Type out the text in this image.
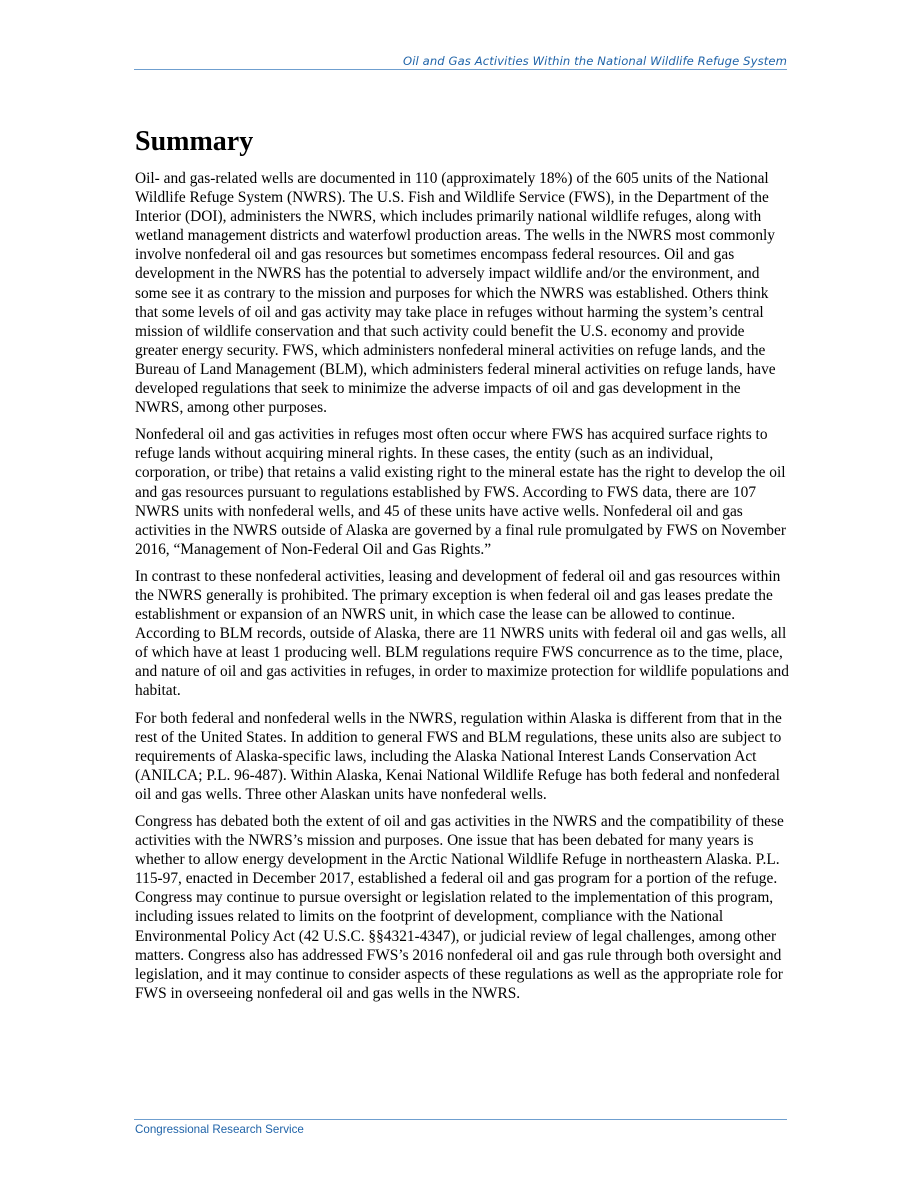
Oil and Gas Activities Within the National Wildlife Refuge System
Summary

Oil- and gas-related wells are documented in 110 (approximately 18%) of the 605 units of the National Wildlife Refuge System (NWRS). The U.S. Fish and Wildlife Service (FWS), in the Department of the Interior (DOI), administers the NWRS, which includes primarily national wildlife refuges, along with wetland management districts and waterfowl production areas. The wells in the NWRS most commonly involve nonfederal oil and gas resources but sometimes encompass federal resources. Oil and gas development in the NWRS has the potential to adversely impact wildlife and/or the environment, and some see it as contrary to the mission and purposes for which the NWRS was established. Others think that some levels of oil and gas activity may take place in refuges without harming the system’s central mission of wildlife conservation and that such activity could benefit the U.S. economy and provide greater energy security. FWS, which administers nonfederal mineral activities on refuge lands, and the Bureau of Land Management (BLM), which administers federal mineral activities on refuge lands, have developed regulations that seek to minimize the adverse impacts of oil and gas development in the NWRS, among other purposes.

Nonfederal oil and gas activities in refuges most often occur where FWS has acquired surface rights to refuge lands without acquiring mineral rights. In these cases, the entity (such as an individual, corporation, or tribe) that retains a valid existing right to the mineral estate has the right to develop the oil and gas resources pursuant to regulations established by FWS. According to FWS data, there are 107 NWRS units with nonfederal wells, and 45 of these units have active wells. Nonfederal oil and gas activities in the NWRS outside of Alaska are governed by a final rule promulgated by FWS on November 2016, “Management of Non-Federal Oil and Gas Rights.”

In contrast to these nonfederal activities, leasing and development of federal oil and gas resources within the NWRS generally is prohibited. The primary exception is when federal oil and gas leases predate the establishment or expansion of an NWRS unit, in which case the lease can be allowed to continue. According to BLM records, outside of Alaska, there are 11 NWRS units with federal oil and gas wells, all of which have at least 1 producing well. BLM regulations require FWS concurrence as to the time, place, and nature of oil and gas activities in refuges, in order to maximize protection for wildlife populations and habitat.

For both federal and nonfederal wells in the NWRS, regulation within Alaska is different from that in the rest of the United States. In addition to general FWS and BLM regulations, these units also are subject to requirements of Alaska-specific laws, including the Alaska National Interest Lands Conservation Act (ANILCA; P.L. 96-487). Within Alaska, Kenai National Wildlife Refuge has both federal and nonfederal oil and gas wells. Three other Alaskan units have nonfederal wells.

Congress has debated both the extent of oil and gas activities in the NWRS and the compatibility of these activities with the NWRS’s mission and purposes. One issue that has been debated for many years is whether to allow energy development in the Arctic National Wildlife Refuge in northeastern Alaska. P.L. 115-97, enacted in December 2017, established a federal oil and gas program for a portion of the refuge. Congress may continue to pursue oversight or legislation related to the implementation of this program, including issues related to limits on the footprint of development, compliance with the National Environmental Policy Act (42 U.S.C. §§4321-4347), or judicial review of legal challenges, among other matters. Congress also has addressed FWS’s 2016 nonfederal oil and gas rule through both oversight and legislation, and it may continue to consider aspects of these regulations as well as the appropriate role for FWS in overseeing nonfederal oil and gas wells in the NWRS.

Congressional Research Service
